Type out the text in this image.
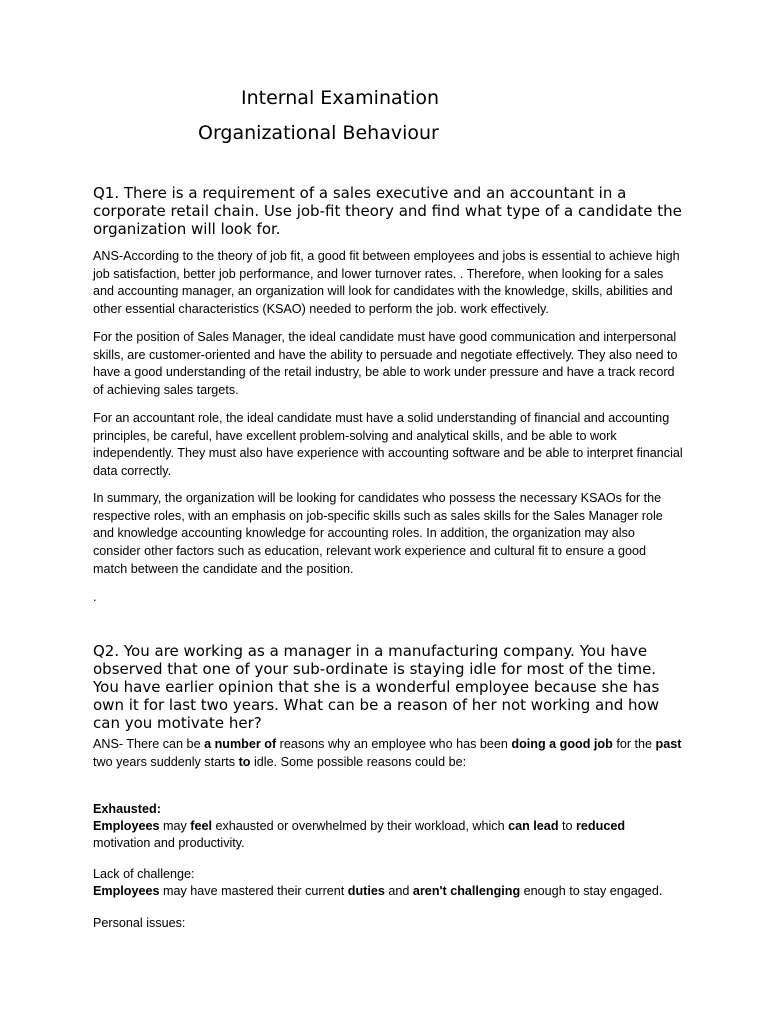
Internal Examination
Organizational Behaviour
Q1. There is a requirement of a sales executive and an accountant in a corporate retail chain. Use job-fit theory and find what type of a candidate the organization will look for.
ANS-According to the theory of job fit, a good fit between employees and jobs is essential to achieve high job satisfaction, better job performance, and lower turnover rates. . Therefore, when looking for a sales and accounting manager, an organization will look for candidates with the knowledge, skills, abilities and other essential characteristics (KSAO) needed to perform the job. work effectively.
For the position of Sales Manager, the ideal candidate must have good communication and interpersonal skills, are customer-oriented and have the ability to persuade and negotiate effectively. They also need to have a good understanding of the retail industry, be able to work under pressure and have a track record of achieving sales targets.
For an accountant role, the ideal candidate must have a solid understanding of financial and accounting principles, be careful, have excellent problem-solving and analytical skills, and be able to work independently. They must also have experience with accounting software and be able to interpret financial data correctly.
In summary, the organization will be looking for candidates who possess the necessary KSAOs for the respective roles, with an emphasis on job-specific skills such as sales skills for the Sales Manager role and knowledge accounting knowledge for accounting roles. In addition, the organization may also consider other factors such as education, relevant work experience and cultural fit to ensure a good match between the candidate and the position.
.
Q2. You are working as a manager in a manufacturing company. You have observed that one of your sub-ordinate is staying idle for most of the time. You have earlier opinion that she is a wonderful employee because she has own it for last two years. What can be a reason of her not working and how can you motivate her?
ANS- There can be a number of reasons why an employee who has been doing a good job for the past two years suddenly starts to idle. Some possible reasons could be:
Exhausted:
Employees may feel exhausted or overwhelmed by their workload, which can lead to reduced motivation and productivity.
Lack of challenge:
Employees may have mastered their current duties and aren't challenging enough to stay engaged.
Personal issues:
